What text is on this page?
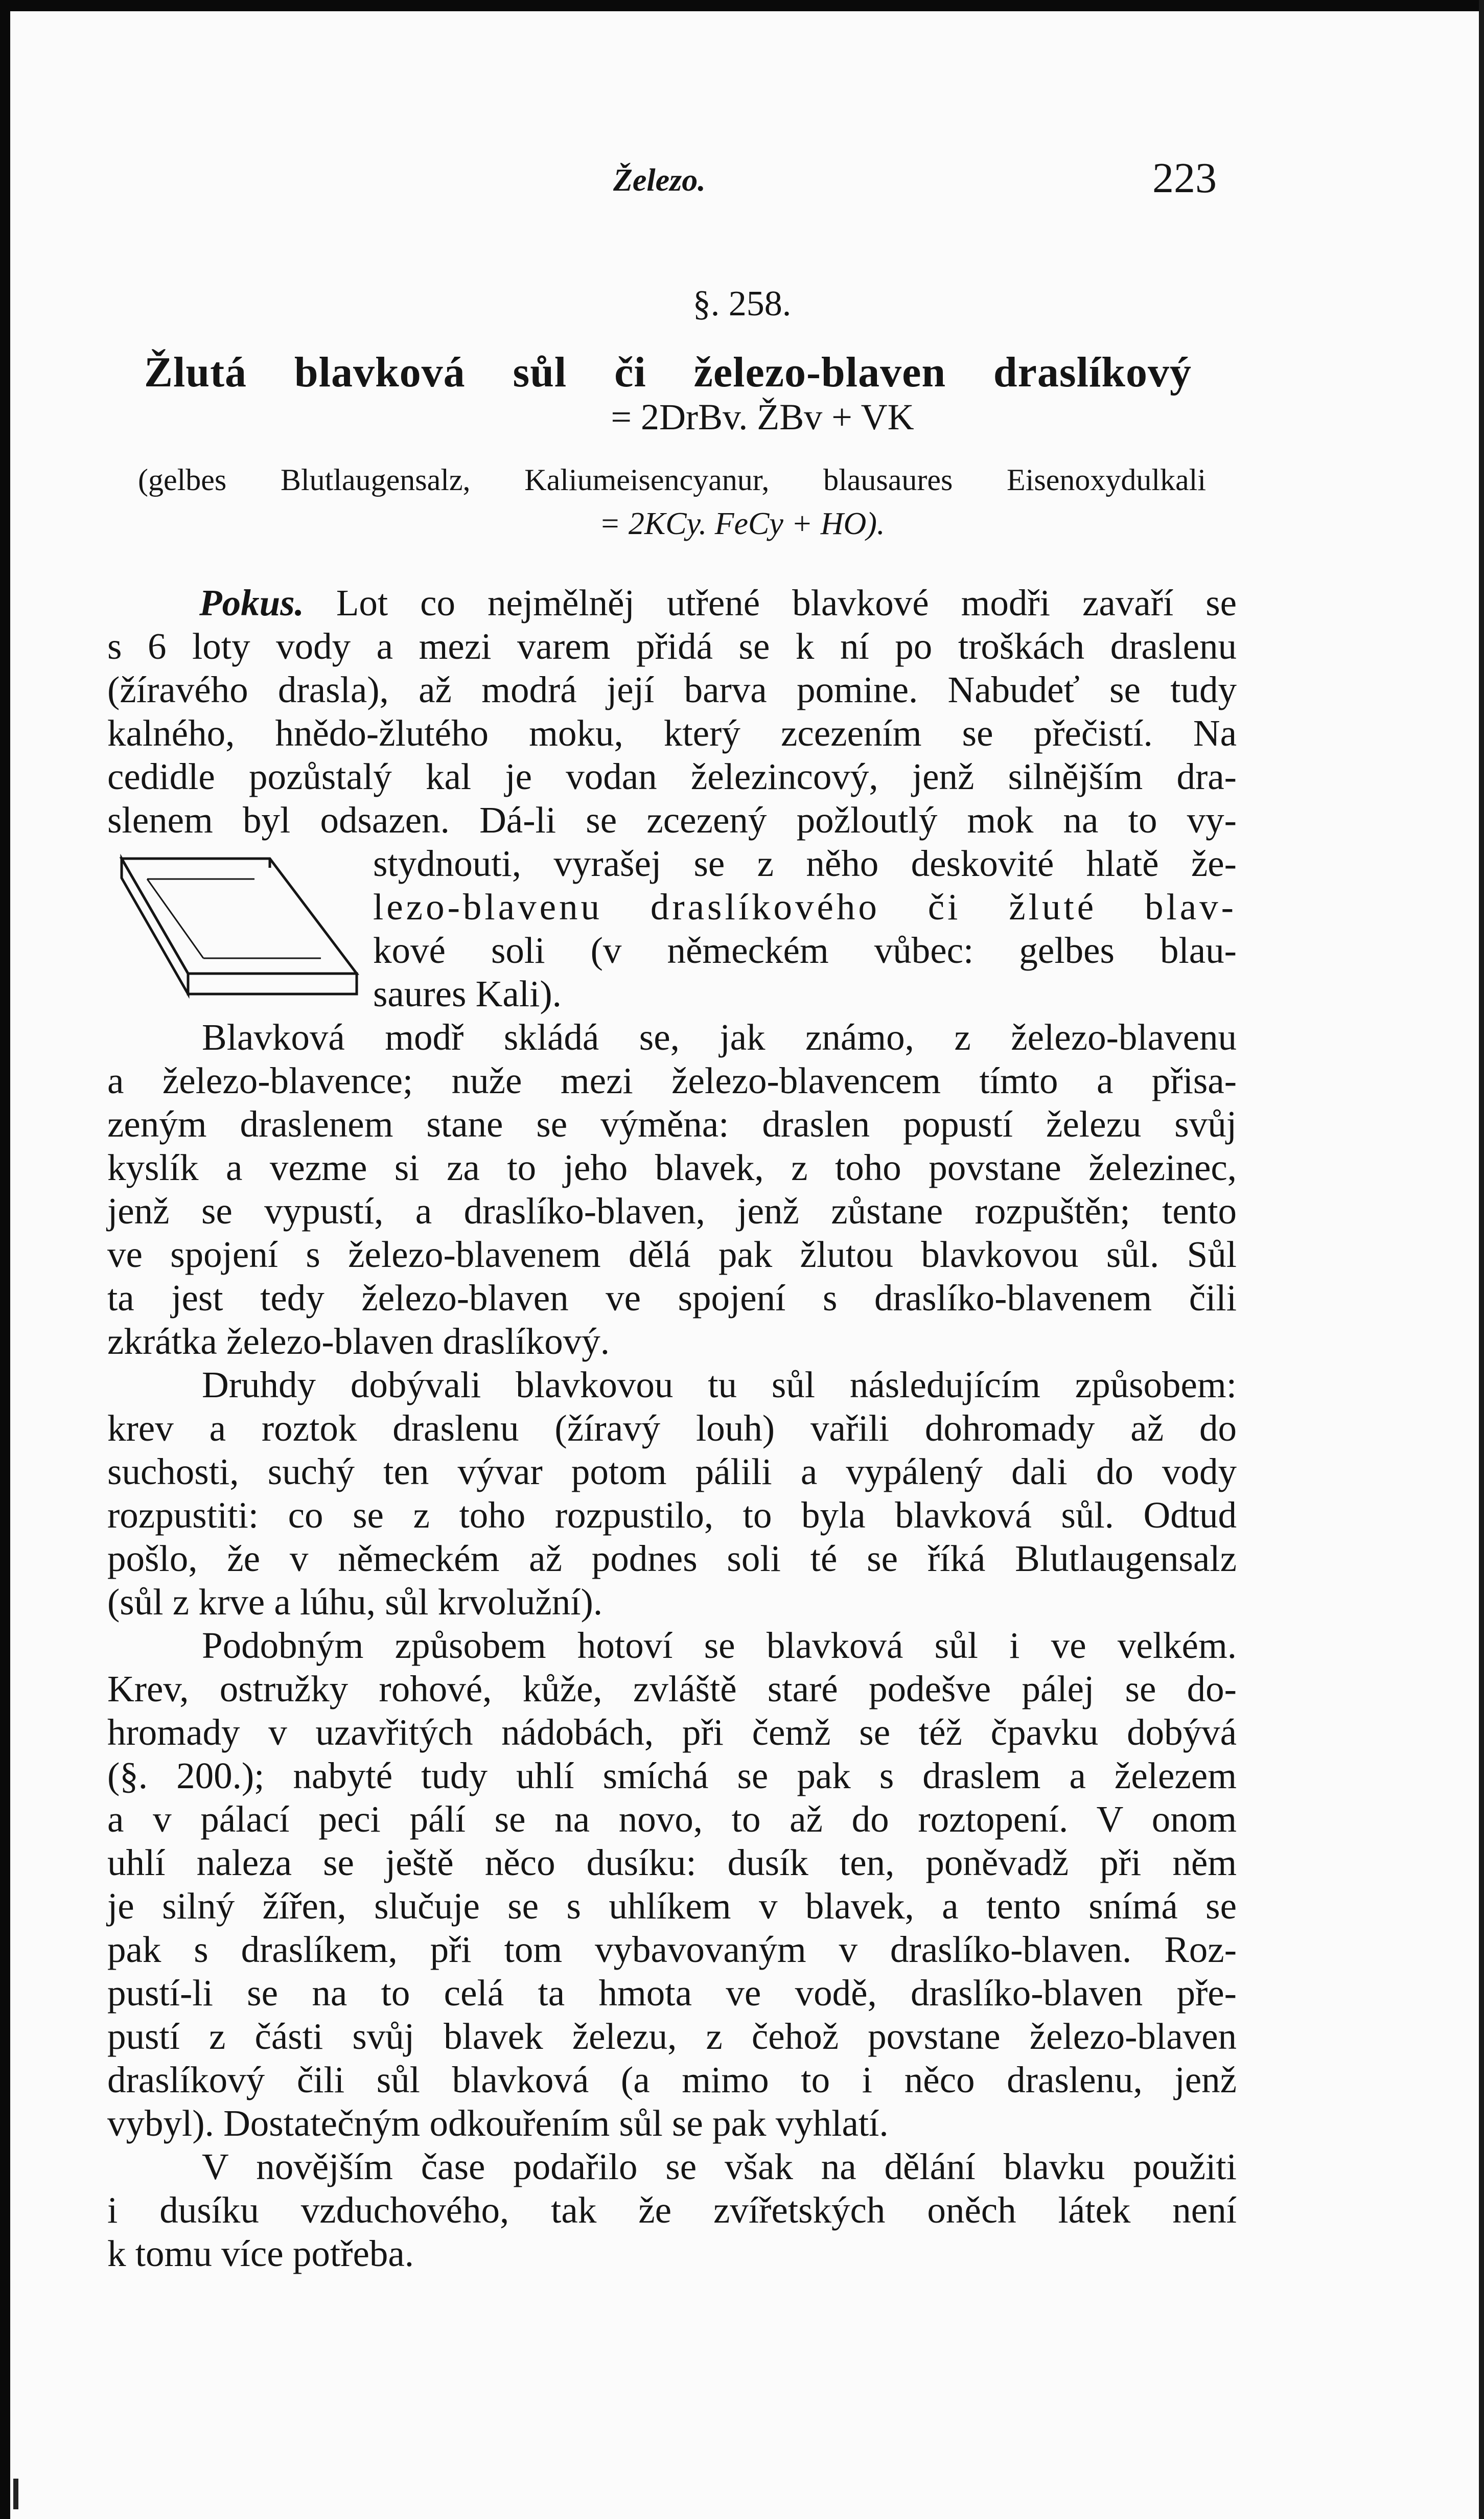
Železo.	223
§. 258.
Žlutá blavková sůl či železo-blaven draslíkový
= 2DrBv. ŽBv + VK
(gelbes Blutlaugensalz, Kaliumeisencyanur, blausaures Eisenoxydulkali
= 2KCy. FeCy + HO).
Pokus. Lot co nejmělněj utřené blavkové modři zavaří se
s 6 loty vody a mezi varem přidá se k ní po troškách draslenu
(žíravého drasla), až modrá její barva pomine. Nabudeť se tudy
kalného, hnědo-žlutého moku, který zcezením se přečistí. Na
cedidle pozůstalý kal je vodan železincový, jenž silnějším dra-
slenem byl odsazen. Dá-li se zcezený požloutlý mok na to vy-
stydnouti, vyrašej se z něho deskovité hlatě že-
lezo-blavenu draslíkového či žluté blav-
kové soli (v německém vůbec: gelbes blau-
saures Kali).
Blavková modř skládá se, jak známo, z železo-blavenu
a železo-blavence; nuže mezi železo-blavencem tímto a přisa-
zeným draslenem stane se výměna: draslen popustí železu svůj
kyslík a vezme si za to jeho blavek, z toho povstane železinec,
jenž se vypustí, a draslíko-blaven, jenž zůstane rozpuštěn; tento
ve spojení s železo-blavenem dělá pak žlutou blavkovou sůl. Sůl
ta jest tedy železo-blaven ve spojení s draslíko-blavenem čili
zkrátka železo-blaven draslíkový.
Druhdy dobývali blavkovou tu sůl následujícím způsobem:
krev a roztok draslenu (žíravý louh) vařili dohromady až do
suchosti, suchý ten vývar potom pálili a vypálený dali do vody
rozpustiti: co se z toho rozpustilo, to byla blavková sůl. Odtud
pošlo, že v německém až podnes soli té se říká Blutlaugensalz
(sůl z krve a lúhu, sůl krvolužní).
Podobným způsobem hotoví se blavková sůl i ve velkém.
Krev, ostružky rohové, kůže, zvláště staré podešve pálej se do-
hromady v uzavřitých nádobách, při čemž se též čpavku dobývá
(§. 200.); nabyté tudy uhlí smíchá se pak s draslem a železem
a v pálací peci pálí se na novo, to až do roztopení. V onom
uhlí naleza se ještě něco dusíku: dusík ten, poněvadž při něm
je silný žířen, slučuje se s uhlíkem v blavek, a tento snímá se
pak s draslíkem, při tom vybavovaným v draslíko-blaven. Roz-
pustí-li se na to celá ta hmota ve vodě, draslíko-blaven pře-
pustí z části svůj blavek železu, z čehož povstane železo-blaven
draslíkový čili sůl blavková (a mimo to i něco draslenu, jenž
vybyl). Dostatečným odkouřením sůl se pak vyhlatí.
V novějším čase podařilo se však na dělání blavku použiti
i dusíku vzduchového, tak že zvířetských oněch látek není
k tomu více potřeba.
